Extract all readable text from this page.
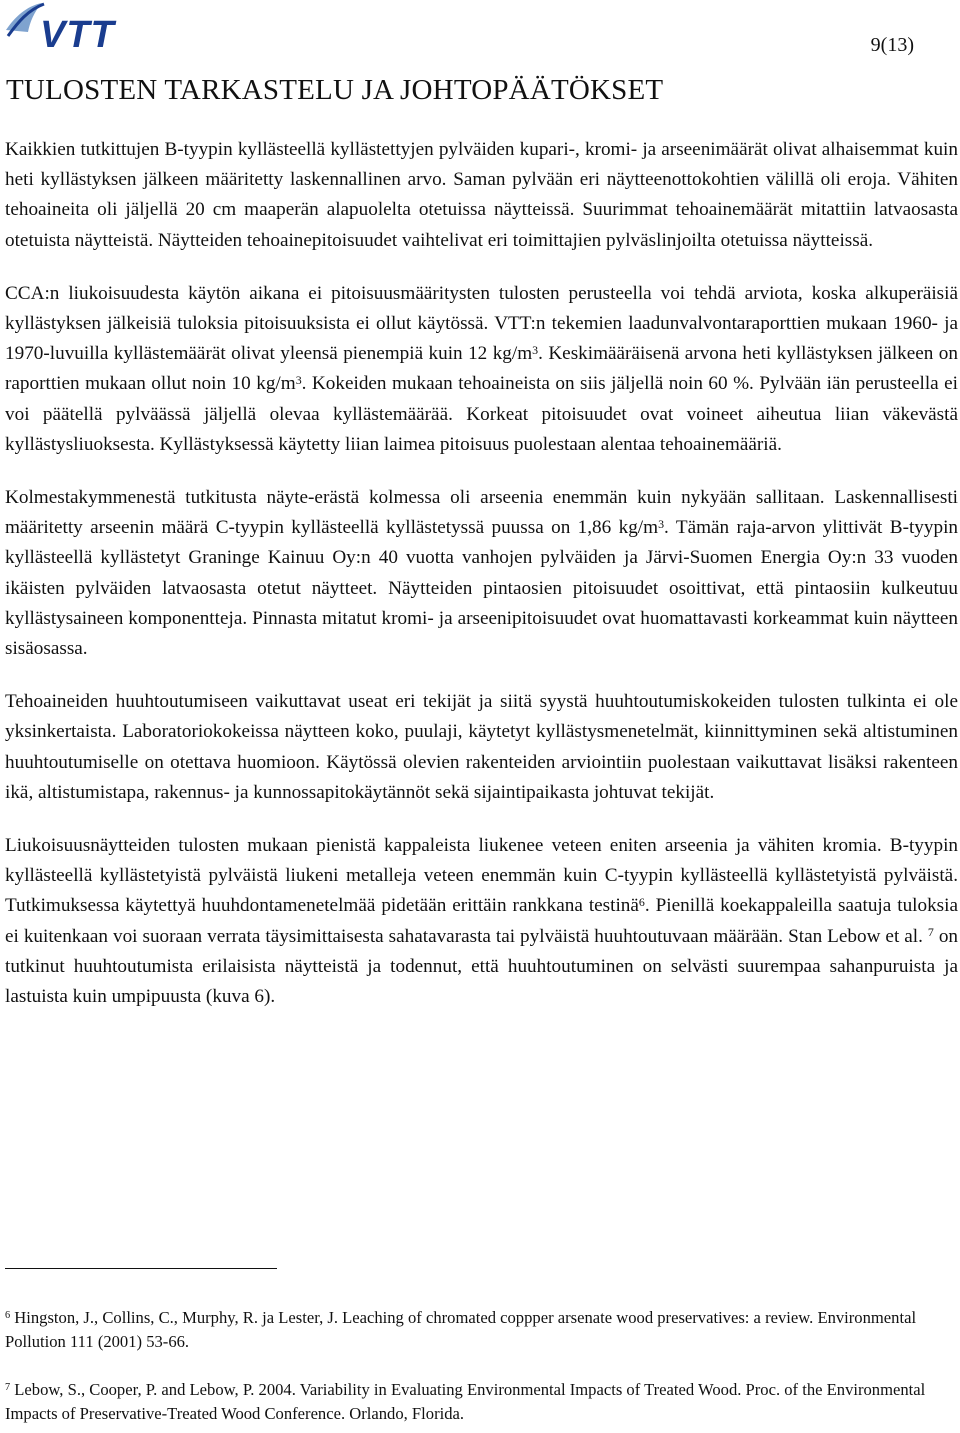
VTT	9(13)
TULOSTEN TARKASTELU JA JOHTOPÄÄTÖKSET

Kaikkien tutkittujen B-tyypin kyllästeellä kyllästettyjen pylväiden kupari-, kromi- ja arseenimäärät olivat alhaisemmat kuin heti kyllästyksen jälkeen määritetty laskennallinen arvo. Saman pylvään eri näytteenottokohtien välillä oli eroja. Vähiten tehoaineita oli jäljellä 20 cm maaperän alapuolelta otetuissa näytteissä. Suurimmat tehoainemäärät mitattiin latvaosasta otetuista näytteistä. Näytteiden tehoainepitoisuudet vaihtelivat eri toimittajien pylväslinjoilta otetuissa näytteissä.

CCA:n liukoisuudesta käytön aikana ei pitoisuusmääritysten tulosten perusteella voi tehdä arviota, koska alkuperäisiä kyllästyksen jälkeisiä tuloksia pitoisuuksista ei ollut käytössä. VTT:n tekemien laadunvalvontaraporttien mukaan 1960- ja 1970-luvuilla kyllästemäärät olivat yleensä pienempiä kuin 12 $kg/m^3$. Keskimääräisenä arvona heti kyllästyksen jälkeen on raporttien mukaan ollut noin 10 $kg/m^3$. Kokeiden mukaan tehoaineista on siis jäljellä noin 60 %. Pylvään iän perusteella ei voi päätellä pylväässä jäljellä olevaa kyllästemäärää. Korkeat pitoisuudet ovat voineet aiheutua liian väkevästä kyllästysliuoksesta. Kyllästyksessä käytetty liian laimea pitoisuus puolestaan alentaa tehoainemääriä.

Kolmestakymmenestä tutkitusta näyte-erästä kolmessa oli arseenia enemmän kuin nykyään sallitaan. Laskennallisesti määritetty arseenin määrä C-tyypin kyllästeellä kyllästetyssä puussa on 1,86 $kg/m^3$. Tämän raja-arvon ylittivät B-tyypin kyllästeellä kyllästetyt Graninge Kainuu Oy:n 40 vuotta vanhojen pylväiden ja Järvi-Suomen Energia Oy:n 33 vuoden ikäisten pylväiden latvaosasta otetut näytteet. Näytteiden pintaosien pitoisuudet osoittivat, että pintaosiin kulkeutuu kyllästysaineen komponentteja. Pinnasta mitatut kromi- ja arseenipitoisuudet ovat huomattavasti korkeammat kuin näytteen sisäosassa.

Tehoaineiden huuhtoutumiseen vaikuttavat useat eri tekijät ja siitä syystä huuhtoutumiskokeiden tulosten tulkinta ei ole yksinkertaista. Laboratoriokokeissa näytteen koko, puulaji, käytetyt kyllästysmenetelmät, kiinnittyminen sekä altistuminen huuhtoutumiselle on otettava huomioon. Käytössä olevien rakenteiden arviointiin puolestaan vaikuttavat lisäksi rakenteen ikä, altistumistapa, rakennus- ja kunnossapitokäytännöt sekä sijaintipaikasta johtuvat tekijät.

Liukoisuusnäytteiden tulosten mukaan pienistä kappaleista liukenee veteen eniten arseenia ja vähiten kromia. B-tyypin kyllästeellä kyllästetyistä pylväistä liukeni metalleja veteen enemmän kuin C-tyypin kyllästeellä kyllästetyistä pylväistä. Tutkimuksessa käytettyä huuhdontamenetelmää pidetään erittäin rankkana testinä$^6$. Pienillä koekappaleilla saatuja tuloksia ei kuitenkaan voi suoraan verrata täysimittaisesta sahatavarasta tai pylväistä huuhtoutuvaan määrään. Stan Lebow et al. $^7$ on tutkinut huuhtoutumista erilaisista näytteistä ja todennut, että huuhtoutuminen on selvästi suurempaa sahanpuruista ja lastuista kuin umpipuusta (kuva 6).

$^6$ Hingston, J., Collins, C., Murphy, R. ja Lester, J. Leaching of chromated coppper arsenate wood preservatives: a review. Environmental Pollution 111 (2001) 53-66.

$^7$ Lebow, S., Cooper, P. and Lebow, P. 2004. Variability in Evaluating Environmental Impacts of Treated Wood. Proc. of the Environmental Impacts of Preservative-Treated Wood Conference. Orlando, Florida.
